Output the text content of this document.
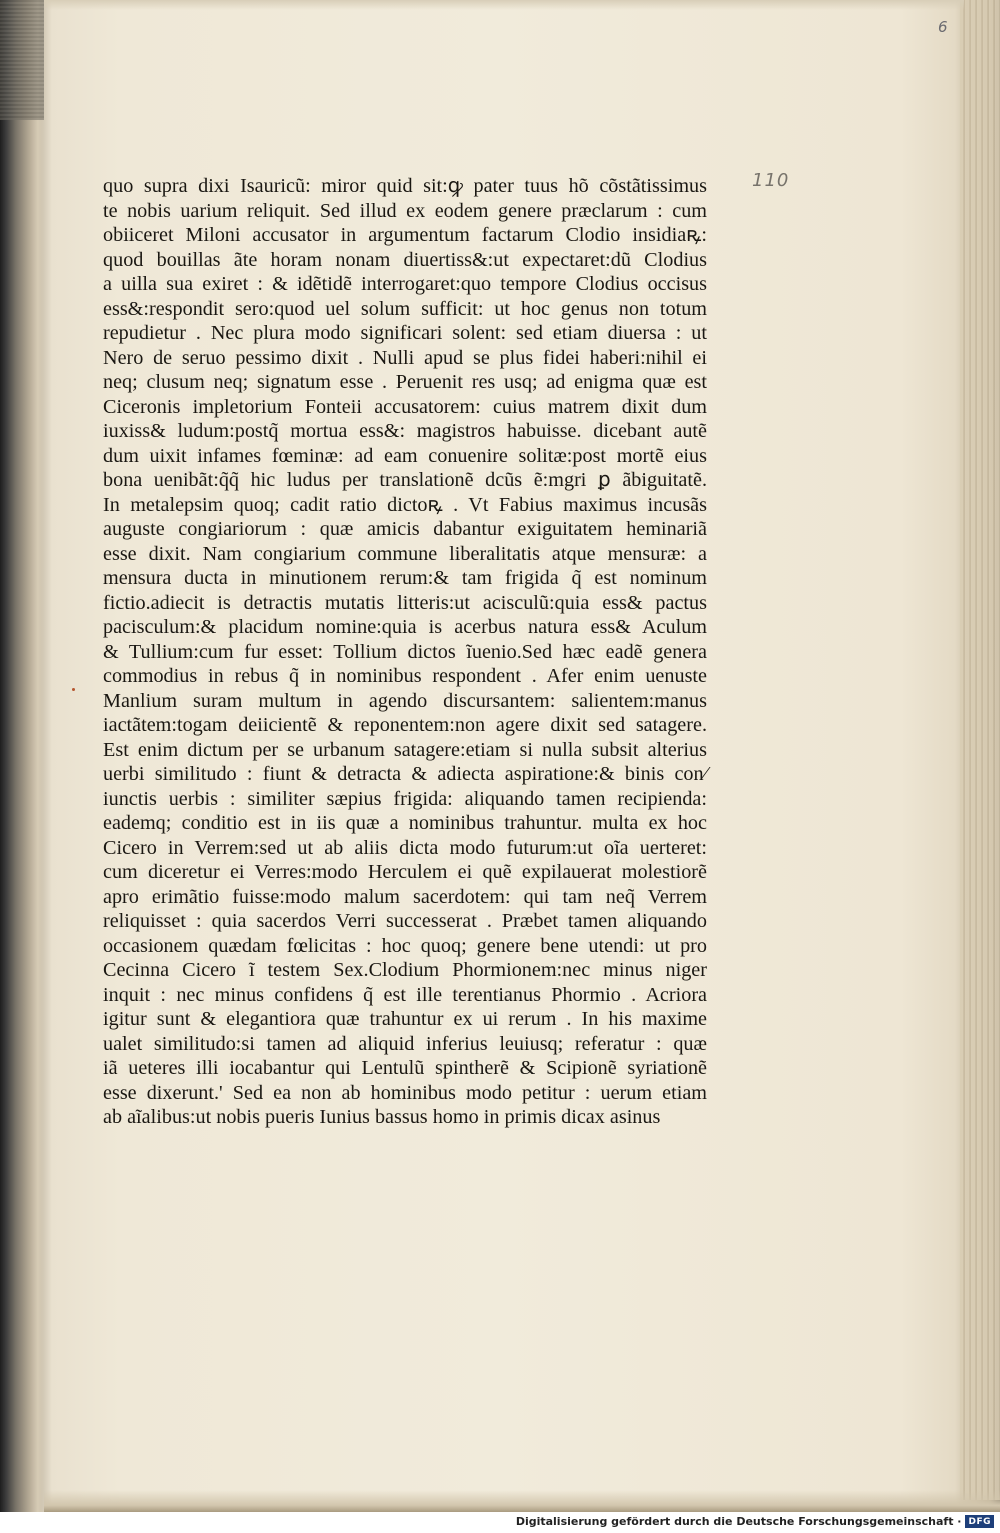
6
110
quo supra dixi Isauricũ: miror quid sit:ꝙ pater tuus hõ cõstãtissimus
te nobis uarium reliquit. Sed illud ex eodem genere præclarum : cum
obiiceret Miloni accusator in argumentum factarum Clodio insidiaꝶ:
quod bouillas ãte horam nonam diuertiss&:ut expectaret:dũ Clodius
a uilla sua exiret : & idẽtidẽ interrogaret:quo tempore Clodius occisus
ess&:respondit sero:quod uel solum sufficit: ut hoc genus non totum
repudietur . Nec plura modo significari solent: sed etiam diuersa : ut
Nero de seruo pessimo dixit . Nulli apud se plus fidei haberi:nihil ei
neq; clusum neq; signatum esse . Peruenit res usq; ad enigma quæ est
Ciceronis impletorium Fonteii accusatorem: cuius matrem dixit dum
iuxiss& ludum:postq̃ mortua ess&: magistros habuisse. dicebant autẽ
dum uixit infames fœminæ: ad eam conuenire solitæ:post mortẽ eius
bona uenibãt:q̃q̃ hic ludus per translationẽ dcũs ẽ:mgri ꝑ ãbiguitatẽ.
In metalepsim quoq; cadit ratio dictoꝶ . Vt Fabius maximus incusãs
auguste congiariorum : quæ amicis dabantur exiguitatem heminariã
esse dixit. Nam congiarium commune liberalitatis atque mensuræ: a
mensura ducta in minutionem rerum:& tam frigida q̃ est nominum
fictio.adiecit is detractis mutatis litteris:ut acisculũ:quia ess& pactus
pacisculum:& placidum nomine:quia is acerbus natura ess& Aculum
& Tullium:cum fur esset: Tollium dictos ĩuenio.Sed hæc eadẽ genera
commodius in rebus q̃ in nominibus respondent . Afer enim uenuste
Manlium suram multum in agendo discursantem: salientem:manus
iactãtem:togam deiicientẽ & reponentem:non agere dixit sed satagere.
Est enim dictum per se urbanum satagere:etiam si nulla subsit alterius
uerbi similitudo : fiunt & detracta & adiecta aspiratione:& binis con⁄
iunctis uerbis : similiter sæpius frigida: aliquando tamen recipienda:
eademq; conditio est in iis quæ a nominibus trahuntur. multa ex hoc
Cicero in Verrem:sed ut ab aliis dicta modo futurum:ut oĩa uerteret:
cum diceretur ei Verres:modo Herculem ei quẽ expilauerat molestiorẽ
apro erimãtio fuisse:modo malum sacerdotem: qui tam neq̃ Verrem
reliquisset : quia sacerdos Verri successerat . Præbet tamen aliquando
occasionem quædam fœlicitas : hoc quoq; genere bene utendi: ut pro
Cecinna Cicero ĩ testem Sex.Clodium Phormionem:nec minus niger
inquit : nec minus confidens q̃ est ille terentianus Phormio . Acriora
igitur sunt & elegantiora quæ trahuntur ex ui rerum . In his maxime
ualet similitudo:si tamen ad aliquid inferius leuiusq; referatur : quæ
iã ueteres illi iocabantur qui Lentulũ spintherẽ & Scipionẽ syriationẽ
esse dixerunt.' Sed ea non ab hominibus modo petitur : uerum etiam
ab aĩalibus:ut nobis pueris Iunius bassus homo in primis dicax asinus
Digitalisierung gefördert durch die Deutsche Forschungsgemeinschaft · DFG
